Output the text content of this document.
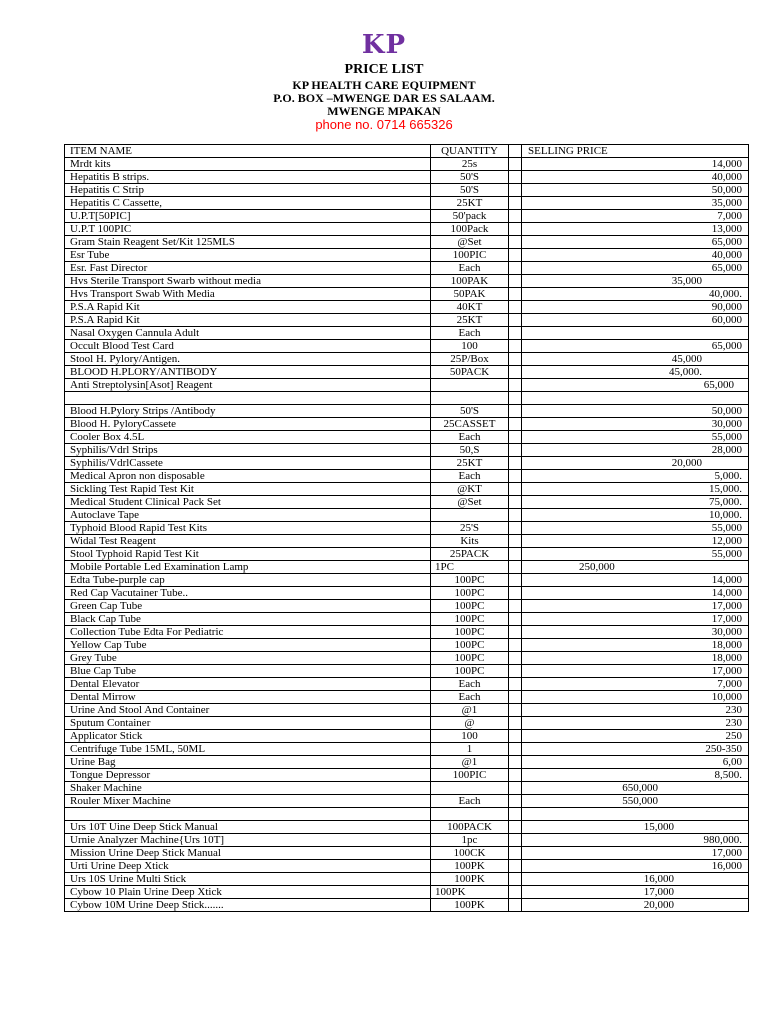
KP
PRICE LIST
KP HEALTH CARE EQUIPMENT
P.O. BOX –MWENGE DAR ES SALAAM.
MWENGE MPAKAN
phone no. 0714 665326
ITEM NAME	QUANTITY		SELLING PRICE
Mrdt kits	25s		14,000
Hepatitis B strips.	50'S		40,000
Hepatitis C Strip	50'S		50,000
Hepatitis C Cassette,	25KT		35,000
U.P.T[50PIC]	50'pack		7,000
U.P.T 100PIC	100Pack		13,000
Gram Stain Reagent Set/Kit 125MLS	@Set		65,000
Esr Tube	100PIC		40,000
Esr. Fast Director	Each		65,000
Hvs Sterile Transport Swarb without media	100PAK		35,000
Hvs Transport Swab With Media	50PAK		40,000.
P.S.A Rapid Kit	40KT		90,000
P.S.A Rapid Kit	25KT		60,000
Nasal Oxygen Cannula Adult	Each		
Occult Blood Test Card	100		65,000
Stool H. Pylory/Antigen.	25P/Box		45,000
BLOOD H.PLORY/ANTIBODY	50PACK		45,000.
Anti Streptolysin[Asot] Reagent			65,000

Blood H.Pylory Strips /Antibody	50'S		50,000
Blood H. PyloryCassete	25CASSET		30,000
Cooler Box 4.5L	Each		55,000
Syphilis/Vdrl Strips	50,S		28,000
Syphilis/VdrlCassete	25KT		20,000
Medical Apron non disposable	Each		5,000.
Sickling Test Rapid Test Kit	@KT		15,000.
Medical Student Clinical Pack Set	@Set		75,000.
Autoclave Tape			10,000.
Typhoid Blood Rapid Test Kits	25'S		55,000
Widal Test Reagent	Kits		12,000
Stool Typhoid Rapid Test Kit	25PACK		55,000
Mobile Portable Led Examination Lamp	1PC		250,000
Edta Tube-purple cap	100PC		14,000
Red Cap Vacutainer Tube..	100PC		14,000
Green Cap Tube	100PC		17,000
Black Cap Tube	100PC		17,000
Collection Tube Edta For Pediatric	100PC		30,000
Yellow Cap Tube	100PC		18,000
Grey Tube	100PC		18,000
Blue Cap Tube	100PC		17,000
Dental Elevator	Each		7,000
Dental Mirrow	Each		10,000
Urine And Stool And Container	@1		230
Sputum Container	@		230
Applicator Stick	100		250
Centrifuge Tube 15ML, 50ML	1		250-350
Urine Bag	@1		6,00
Tongue Depressor	100PIC		8,500.
Shaker Machine			650,000
Rouler Mixer Machine	Each		550,000

Urs 10T Uine Deep Stick Manual	100PACK		15,000
Urnie Analyzer Machine{Urs 10T]	1pc		980,000.
Mission Urine Deep Stick Manual	100CK		17,000
Urti Urine Deep Xtick	100PK		16,000
Urs 10S Urine Multi Stick	100PK		16,000
Cybow 10 Plain Urine Deep Xtick	100PK		17,000
Cybow 10M Urine Deep Stick.......	100PK		20,000
